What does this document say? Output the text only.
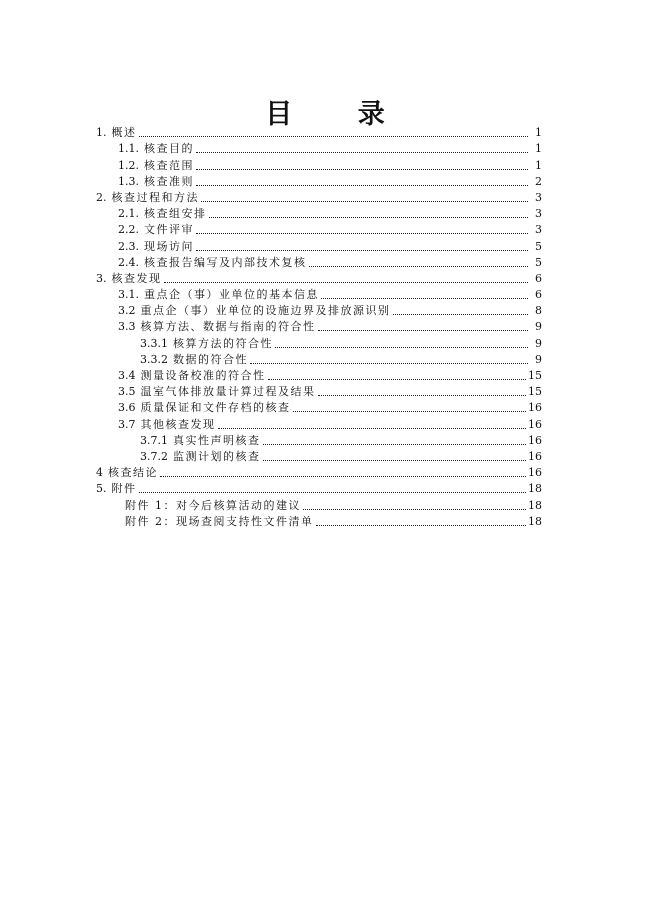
目 录
1. 概述	1
1.1. 核查目的	1
1.2. 核查范围	1
1.3. 核查准则	2
2. 核查过程和方法	3
2.1. 核查组安排	3
2.2. 文件评审	3
2.3. 现场访问	5
2.4. 核查报告编写及内部技术复核	5
3. 核查发现	6
3.1. 重点企（事）业单位的基本信息	6
3.2 重点企（事）业单位的设施边界及排放源识别	8
3.3 核算方法、数据与指南的符合性	9
3.3.1 核算方法的符合性	9
3.3.2 数据的符合性	9
3.4 测量设备校准的符合性	15
3.5 温室气体排放量计算过程及结果	15
3.6 质量保证和文件存档的核查	16
3.7 其他核查发现	16
3.7.1 真实性声明核查	16
3.7.2 监测计划的核查	16
4 核查结论	16
5. 附件	18
附件 1：对今后核算活动的建议	18
附件 2：现场查阅支持性文件清单	18
